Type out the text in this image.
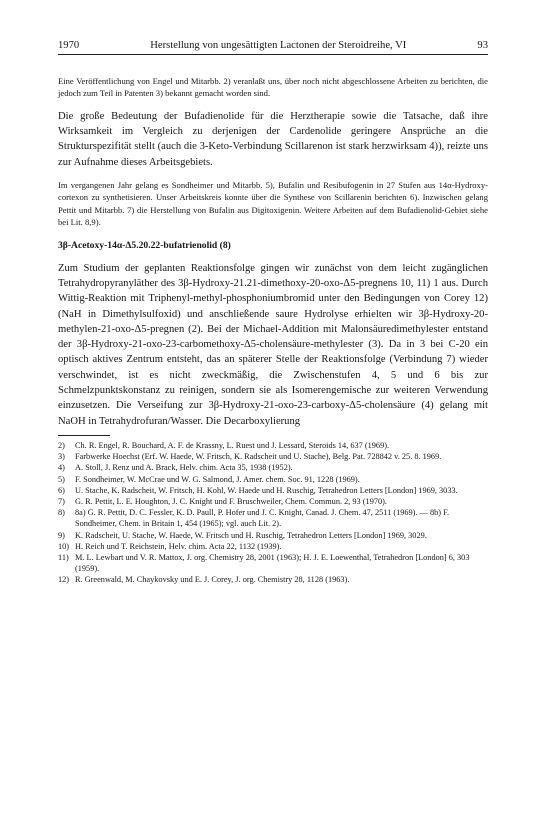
1970	Herstellung von ungesättigten Lactonen der Steroidreihe, VI	93

Eine Veröffentlichung von Engel und Mitarbb. 2) veranlaßt uns, über noch nicht abgeschlossene Arbeiten zu berichten, die jedoch zum Teil in Patenten 3) bekannt gemacht worden sind.

Die große Bedeutung der Bufadienolide für die Herztherapie sowie die Tatsache, daß ihre Wirksamkeit im Vergleich zu derjenigen der Cardenolide geringere Ansprüche an die Strukturspezifität stellt (auch die 3-Keto-Verbindung Scillarenon ist stark herzwirksam 4)), reizte uns zur Aufnahme dieses Arbeitsgebiets.

Im vergangenen Jahr gelang es Sondheimer und Mitarbb. 5), Bufalin und Resibufogenin in 27 Stufen aus 14α-Hydroxy-cortexon zu synthetisieren. Unser Arbeitskreis konnte über die Synthese von Scillarenin berichten 6). Inzwischen gelang Pettit und Mitarbb. 7) die Herstellung von Bufalin aus Digitoxigenin. Weitere Arbeiten auf dem Bufadienolid-Gebiet siehe bei Lit. 8,9).

3β-Acetoxy-14α-Δ5.20.22-bufatrienolid (8)

Zum Studium der geplanten Reaktionsfolge gingen wir zunächst von dem leicht zugänglichen Tetrahydropyranyläther des 3β-Hydroxy-21.21-dimethoxy-20-oxo-Δ5-pregnens 10, 11) 1 aus. Durch Wittig-Reaktion mit Triphenyl-methyl-phosphoniumbromid unter den Bedingungen von Corey 12) (NaH in Dimethylsulfoxid) und anschließende saure Hydrolyse erhielten wir 3β-Hydroxy-20-methylen-21-oxo-Δ5-pregnen (2). Bei der Michael-Addition mit Malonsäuredimethylester entstand der 3β-Hydroxy-21-oxo-23-carbomethoxy-Δ5-cholensäure-methylester (3). Da in 3 bei C-20 ein optisch aktives Zentrum entsteht, das an späterer Stelle der Reaktionsfolge (Verbindung 7) wieder verschwindet, ist es nicht zweckmäßig, die Zwischenstufen 4, 5 und 6 bis zur Schmelzpunktskonstanz zu reinigen, sondern sie als Isomerengemische zur weiteren Verwendung einzusetzen. Die Verseifung zur 3β-Hydroxy-21-oxo-23-carboxy-Δ5-cholensäure (4) gelang mit NaOH in Tetrahydrofuran/Wasser. Die Decarboxylierung

2)	Ch. R. Engel, R. Bouchard, A. F. de Krassny, L. Ruest und J. Lessard, Steroids 14, 637 (1969).
3)	Farbwerke Hoechst (Erf. W. Haede, W. Fritsch, K. Radscheit und U. Stache), Belg. Pat. 728842 v. 25. 8. 1969.
4)	A. Stoll, J. Renz und A. Brack, Helv. chim. Acta 35, 1938 (1952).
5)	F. Sondheimer, W. McCrae und W. G. Salmond, J. Amer. chem. Soc. 91, 1228 (1969).
6)	U. Stache, K. Radscheit, W. Fritsch, H. Kohl, W. Haede und H. Ruschig, Tetrahedron Letters [London] 1969, 3033.
7)	G. R. Pettit, L. E. Houghton, J. C. Knight und F. Bruschweiler, Chem. Commun. 2, 93 (1970).
8)	8a) G. R. Pettit, D. C. Fessler, K. D. Paull, P. Hofer und J. C. Knight, Canad. J. Chem. 47, 2511 (1969). — 8b) F. Sondheimer, Chem. in Britain 1, 454 (1965); vgl. auch Lit. 2).
9)	K. Radscheit, U. Stache, W. Haede, W. Fritsch und H. Ruschig, Tetrahedron Letters [London] 1969, 3029.
10) H. Reich und T. Reichstein, Helv. chim. Acta 22, 1132 (1939).
11) M. L. Lewbart und V. R. Mattox, J. org. Chemistry 28, 2001 (1963); H. J. E. Loewenthal, Tetrahedron [London] 6, 303 (1959).
12) R. Greenwald, M. Chaykovsky und E. J. Corey, J. org. Chemistry 28, 1128 (1963).
